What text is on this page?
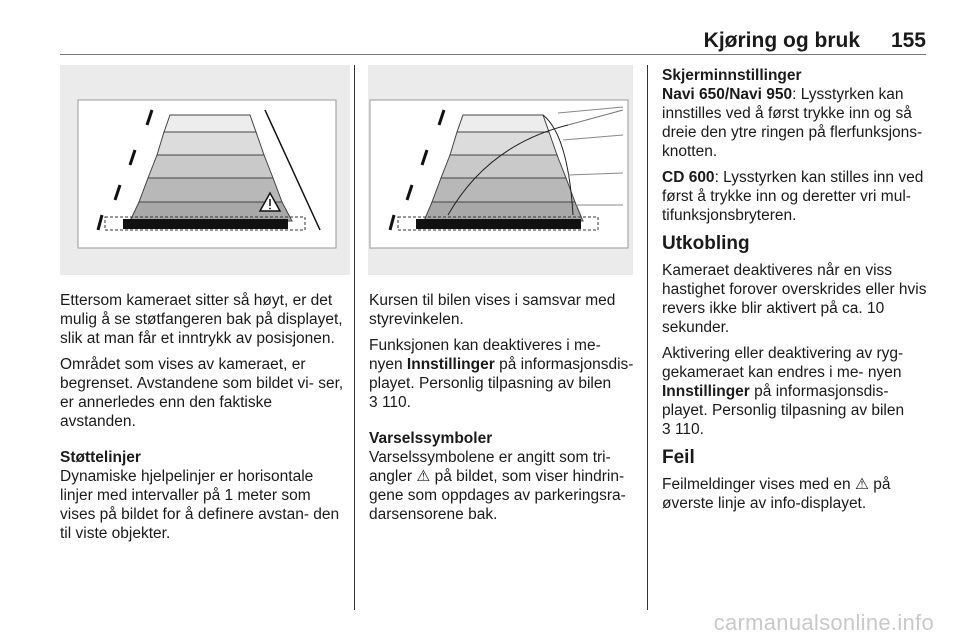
Kjøring og bruk 155

Ettersom kameraet sitter så høyt, er det mulig å se støtfangeren bak på displayet, slik at man får et inntrykk av posisjonen.

Området som vises av kameraet, er begrenset. Avstandene som bildet vi- ser, er annerledes enn den faktiske avstanden.

Støttelinjer

Dynamiske hjelpelinjer er horisontale linjer med intervaller på 1 meter som vises på bildet for å definere avstan- den til viste objekter.

Kursen til bilen vises i samsvar med styrevinkelen.

Funksjonen kan deaktiveres i me- nyen Innstillinger på informasjonsdis- playet. Personlig tilpasning av bilen
3 110.

Varselssymboler

Varselssymbolene er angitt som tri- angler ⚠ på bildet, som viser hindrin- gene som oppdages av parkeringsra- darsensorene bak.

Skjerminnstillinger

Navi 650/Navi 950: Lysstyrken kan innstilles ved å først trykke inn og så dreie den ytre ringen på flerfunksjons- knotten.

CD 600: Lysstyrken kan stilles inn ved først å trykke inn og deretter vri mul- tifunksjonsbryteren.

Utkobling

Kameraet deaktiveres når en viss hastighet forover overskrides eller hvis revers ikke blir aktivert på ca. 10 sekunder.

Aktivering eller deaktivering av ryg- gekameraet kan endres i me- nyen Innstillinger på informasjonsdis- playet. Personlig tilpasning av bilen
3 110.

Feil

Feilmeldinger vises med en ⚠ på øverste linje av info-displayet.

carmanualsonline.info
